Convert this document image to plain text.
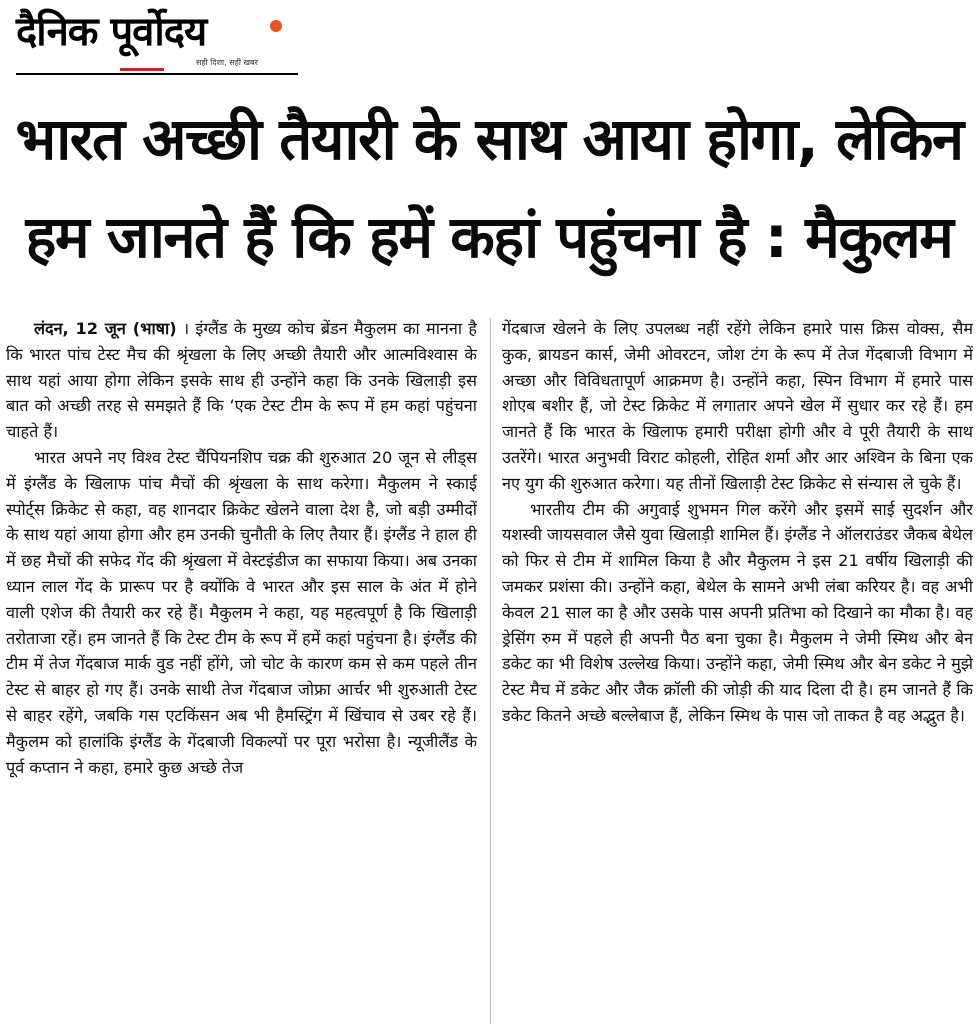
दैनिक पूर्वोदय
सही दिशा, सही खबर
भारत अच्छी तैयारी के साथ आया होगा, लेकिन
हम जानते हैं कि हमें कहां पहुंचना है : मैकुलम

लंदन, 12 जून (भाषा) । इंग्लैंड के मुख्य कोच ब्रेंडन मैकुलम का मानना है कि भारत पांच टेस्ट मैच की श्रृंखला के लिए अच्छी तैयारी और आत्मविश्वास के साथ यहां आया होगा लेकिन इसके साथ ही उन्होंने कहा कि उनके खिलाड़ी इस बात को अच्छी तरह से समझते हैं कि ‘एक टेस्ट टीम के रूप में हम कहां पहुंचना चाहते हैं।

भारत अपने नए विश्व टेस्ट चैंपियनशिप चक्र की शुरुआत 20 जून से लीड्स में इंग्लैंड के खिलाफ पांच मैचों की श्रृंखला के साथ करेगा। मैकुलम ने स्काई स्पोर्ट्स क्रिकेट से कहा, वह शानदार क्रिकेट खेलने वाला देश है, जो बड़ी उम्मीदों के साथ यहां आया होगा और हम उनकी चुनौती के लिए तैयार हैं। इंग्लैंड ने हाल ही में छह मैचों की सफेद गेंद की श्रृंखला में वेस्टइंडीज का सफाया किया। अब उनका ध्यान लाल गेंद के प्रारूप पर है क्योंकि वे भारत और इस साल के अंत में होने वाली एशेज की तैयारी कर रहे हैं। मैकुलम ने कहा, यह महत्वपूर्ण है कि खिलाड़ी तरोताजा रहें। हम जानते हैं कि टेस्ट टीम के रूप में हमें कहां पहुंचना है। इंग्लैंड की टीम में तेज गेंदबाज मार्क वुड नहीं होंगे, जो चोट के कारण कम से कम पहले तीन टेस्ट से बाहर हो गए हैं। उनके साथी तेज गेंदबाज जोफ्रा आर्चर भी शुरुआती टेस्ट से बाहर रहेंगे, जबकि गस एटकिंसन अब भी हैमस्ट्रिंग में खिंचाव से उबर रहे हैं। मैकुलम को हालांकि इंग्लैंड के गेंदबाजी विकल्पों पर पूरा भरोसा है। न्यूजीलैंड के पूर्व कप्तान ने कहा, हमारे कुछ अच्छे तेज

गेंदबाज खेलने के लिए उपलब्ध नहीं रहेंगे लेकिन हमारे पास क्रिस वोक्स, सैम कुक, ब्रायडन कार्स, जेमी ओवरटन, जोश टंग के रूप में तेज गेंदबाजी विभाग में अच्छा और विविधतापूर्ण आक्रमण है। उन्होंने कहा, स्पिन विभाग में हमारे पास शोएब बशीर हैं, जो टेस्ट क्रिकेट में लगातार अपने खेल में सुधार कर रहे हैं। हम जानते हैं कि भारत के खिलाफ हमारी परीक्षा होगी और वे पूरी तैयारी के साथ उतरेंगे। भारत अनुभवी विराट कोहली, रोहित शर्मा और आर अश्विन के बिना एक नए युग की शुरुआत करेगा। यह तीनों खिलाड़ी टेस्ट क्रिकेट से संन्यास ले चुके हैं।

भारतीय टीम की अगुवाई शुभमन गिल करेंगे और इसमें साई सुदर्शन और यशस्वी जायसवाल जैसे युवा खिलाड़ी शामिल हैं। इंग्लैंड ने ऑलराउंडर जैकब बेथेल को फिर से टीम में शामिल किया है और मैकुलम ने इस 21 वर्षीय खिलाड़ी की जमकर प्रशंसा की। उन्होंने कहा, बेथेल के सामने अभी लंबा करियर है। वह अभी केवल 21 साल का है और उसके पास अपनी प्रतिभा को दिखाने का मौका है। वह ड्रेसिंग रुम में पहले ही अपनी पैठ बना चुका है। मैकुलम ने जेमी स्मिथ और बेन डकेट का भी विशेष उल्लेख किया। उन्होंने कहा, जेमी स्मिथ और बेन डकेट ने मुझे टेस्ट मैच में डकेट और जैक क्रॉली की जोड़ी की याद दिला दी है। हम जानते हैं कि डकेट कितने अच्छे बल्लेबाज हैं, लेकिन स्मिथ के पास जो ताकत है वह अद्भुत है।
